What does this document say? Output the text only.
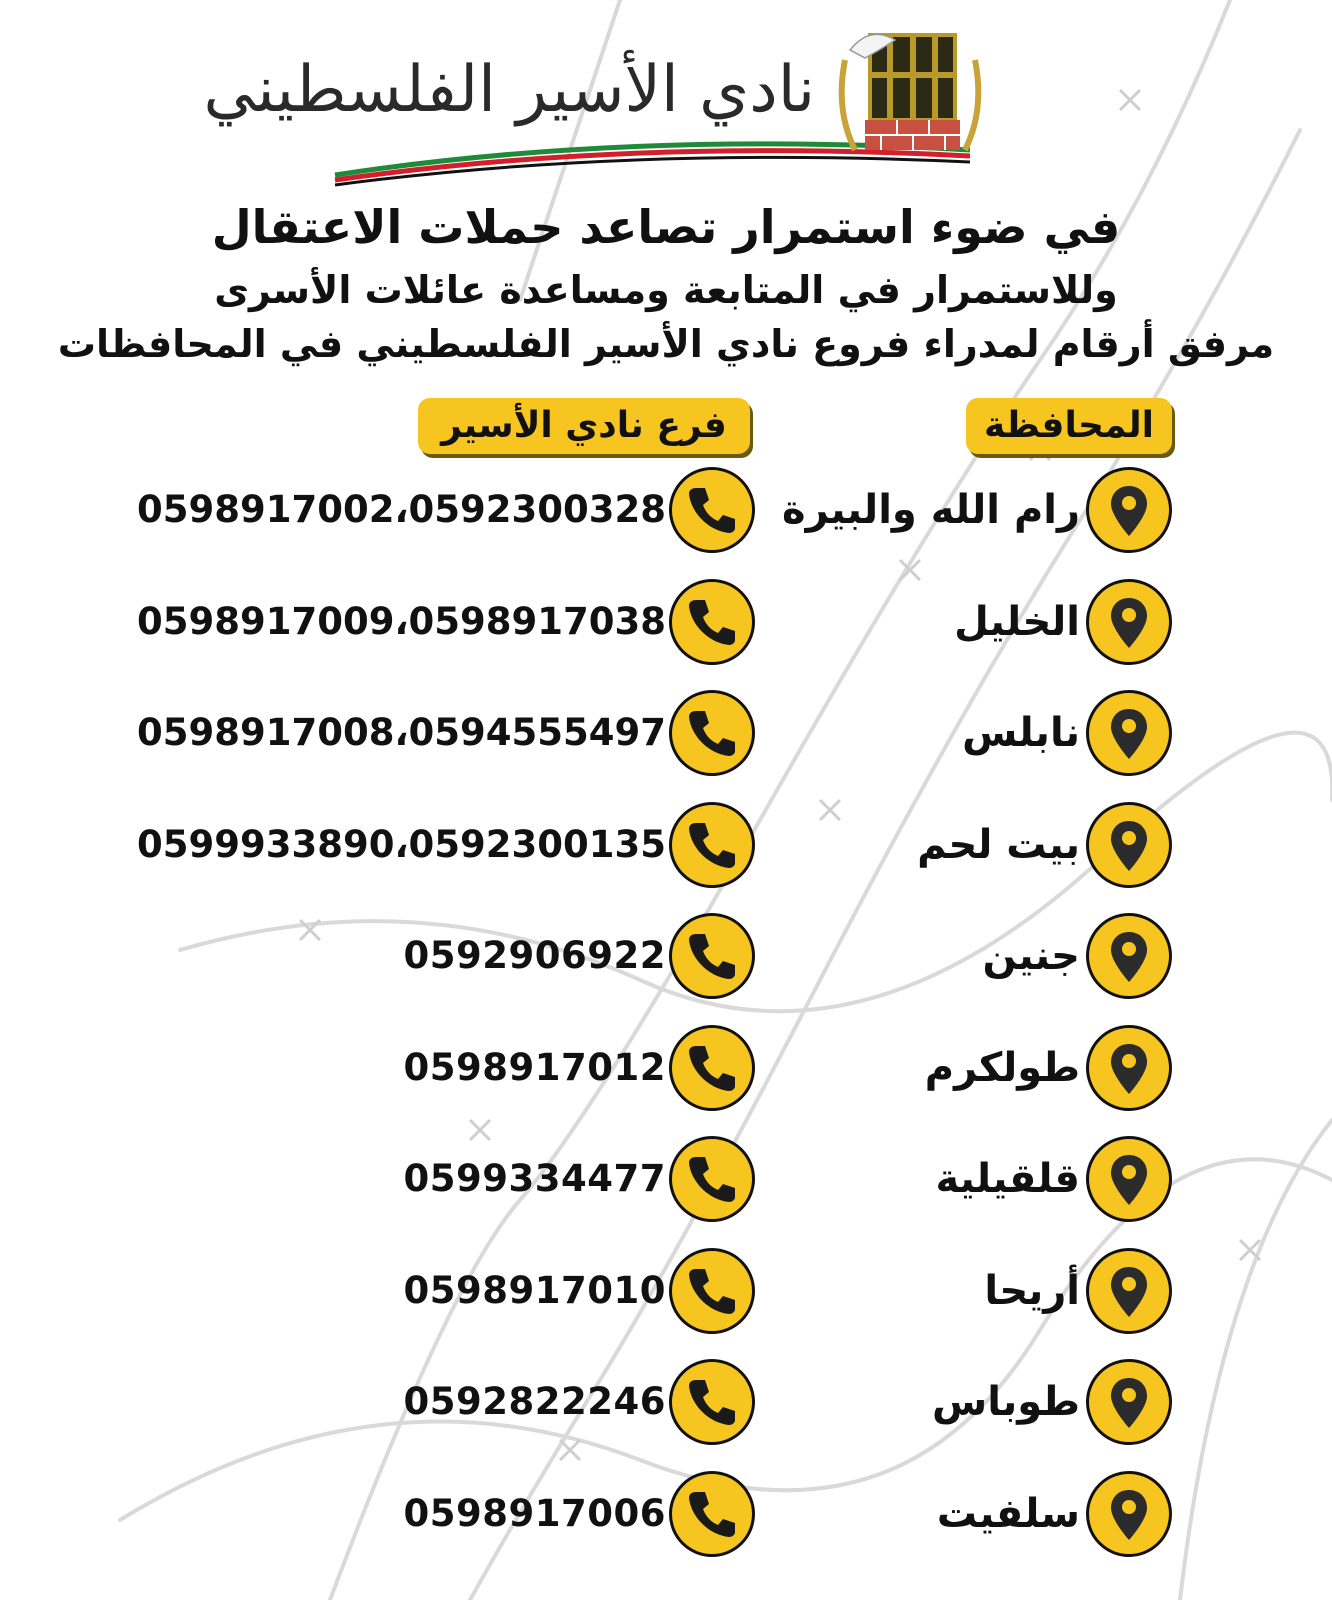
نادي الأسير الفلسطيني
في ضوء استمرار تصاعد حملات الاعتقال
وللاستمرار في المتابعة ومساعدة عائلات الأسرى
مرفق أرقام لمدراء فروع نادي الأسير الفلسطيني في المحافظات
فرع نادي الأسير	المحافظة
رام الله والبيرة
0598917002،0592300328
الخليل
0598917009،0598917038
نابلس
0598917008،0594555497
بيت لحم
0599933890،0592300135
جنين
0592906922
طولكرم
0598917012
قلقيلية
0599334477
أريحا
0598917010
طوباس
0592822246
سلفيت
0598917006
